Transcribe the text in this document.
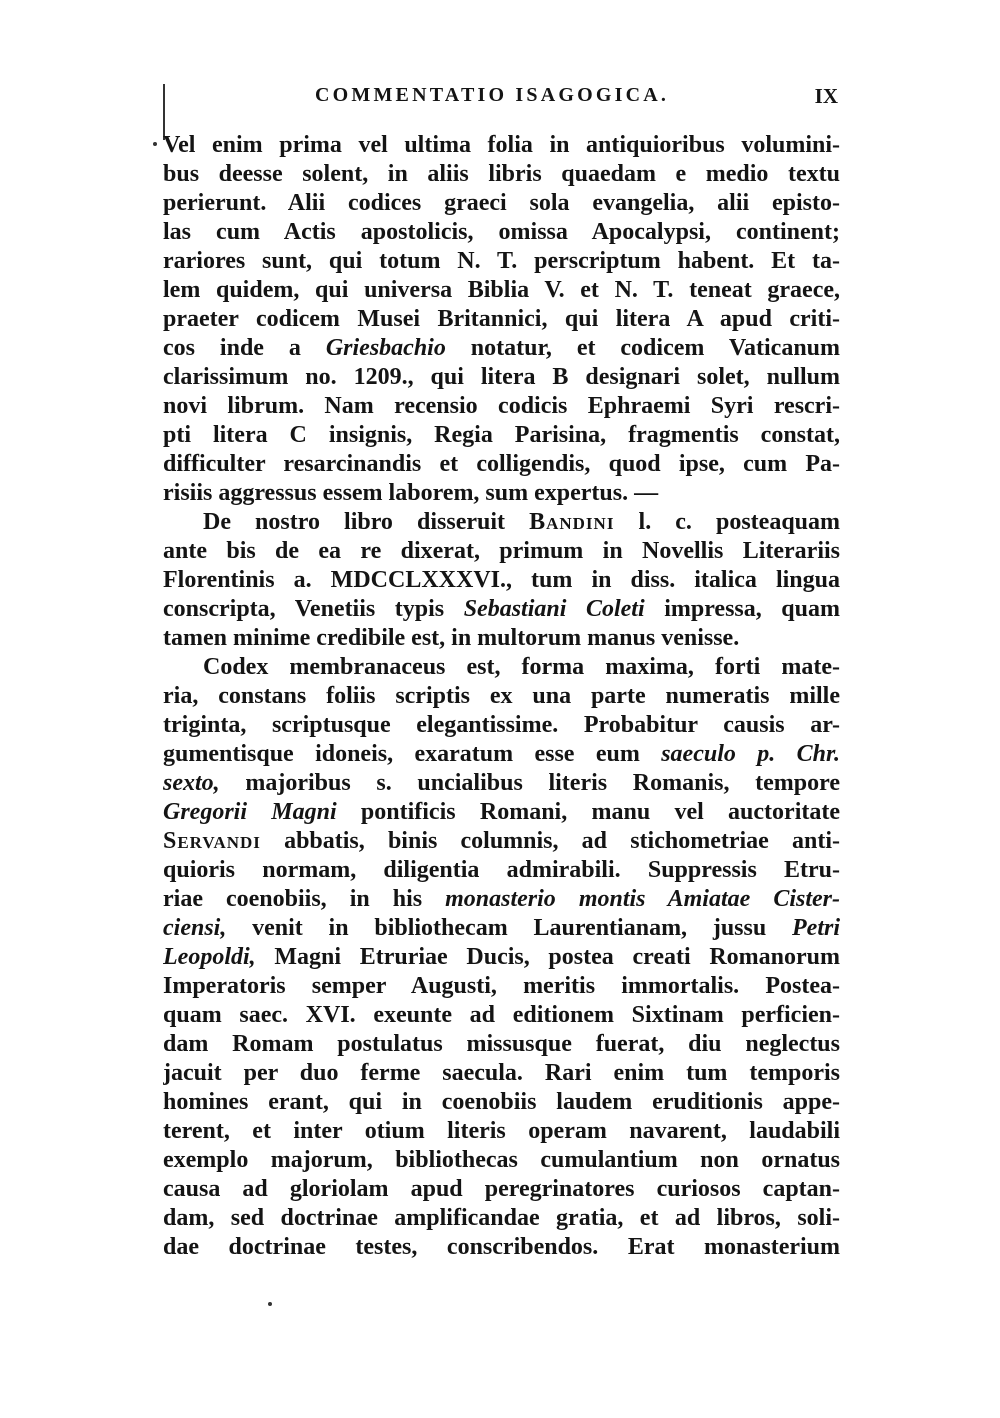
COMMENTATIO ISAGOGICA.	IX
Vel enim prima vel ultima folia in antiquioribus volumini-
bus deesse solent, in aliis libris quaedam e medio textu
perierunt. Alii codices graeci sola evangelia, alii episto-
las cum Actis apostolicis, omissa Apocalypsi, continent;
rariores sunt, qui totum N. T. perscriptum habent. Et ta-
lem quidem, qui universa Biblia V. et N. T. teneat graece,
praeter codicem Musei Britannici, qui litera A apud criti-
cos inde a Griesbachio notatur, et codicem Vaticanum
clarissimum no. 1209., qui litera B designari solet, nullum
novi librum. Nam recensio codicis Ephraemi Syri rescri-
pti litera C insignis, Regia Parisina, fragmentis constat,
difficulter resarcinandis et colligendis, quod ipse, cum Pa-
risiis aggressus essem laborem, sum expertus. —
De nostro libro disseruit Bandini l. c. posteaquam
ante bis de ea re dixerat, primum in Novellis Literariis
Florentinis a. MDCCLXXXVI., tum in diss. italica lingua
conscripta, Venetiis typis Sebastiani Coleti impressa, quam
tamen minime credibile est, in multorum manus venisse.
Codex membranaceus est, forma maxima, forti mate-
ria, constans foliis scriptis ex una parte numeratis mille
triginta, scriptusque elegantissime. Probabitur causis ar-
gumentisque idoneis, exaratum esse eum saeculo p. Chr.
sexto, majoribus s. uncialibus literis Romanis, tempore
Gregorii Magni pontificis Romani, manu vel auctoritate
Servandi abbatis, binis columnis, ad stichometriae anti-
quioris normam, diligentia admirabili. Suppressis Etru-
riae coenobiis, in his monasterio montis Amiatae Cister-
ciensi, venit in bibliothecam Laurentianam, jussu Petri
Leopoldi, Magni Etruriae Ducis, postea creati Romanorum
Imperatoris semper Augusti, meritis immortalis. Postea-
quam saec. XVI. exeunte ad editionem Sixtinam perficien-
dam Romam postulatus missusque fuerat, diu neglectus
jacuit per duo ferme saecula. Rari enim tum temporis
homines erant, qui in coenobiis laudem eruditionis appe-
terent, et inter otium literis operam navarent, laudabili
exemplo majorum, bibliothecas cumulantium non ornatus
causa ad gloriolam apud peregrinatores curiosos captan-
dam, sed doctrinae amplificandae gratia, et ad libros, soli-
dae doctrinae testes, conscribendos. Erat monasterium
